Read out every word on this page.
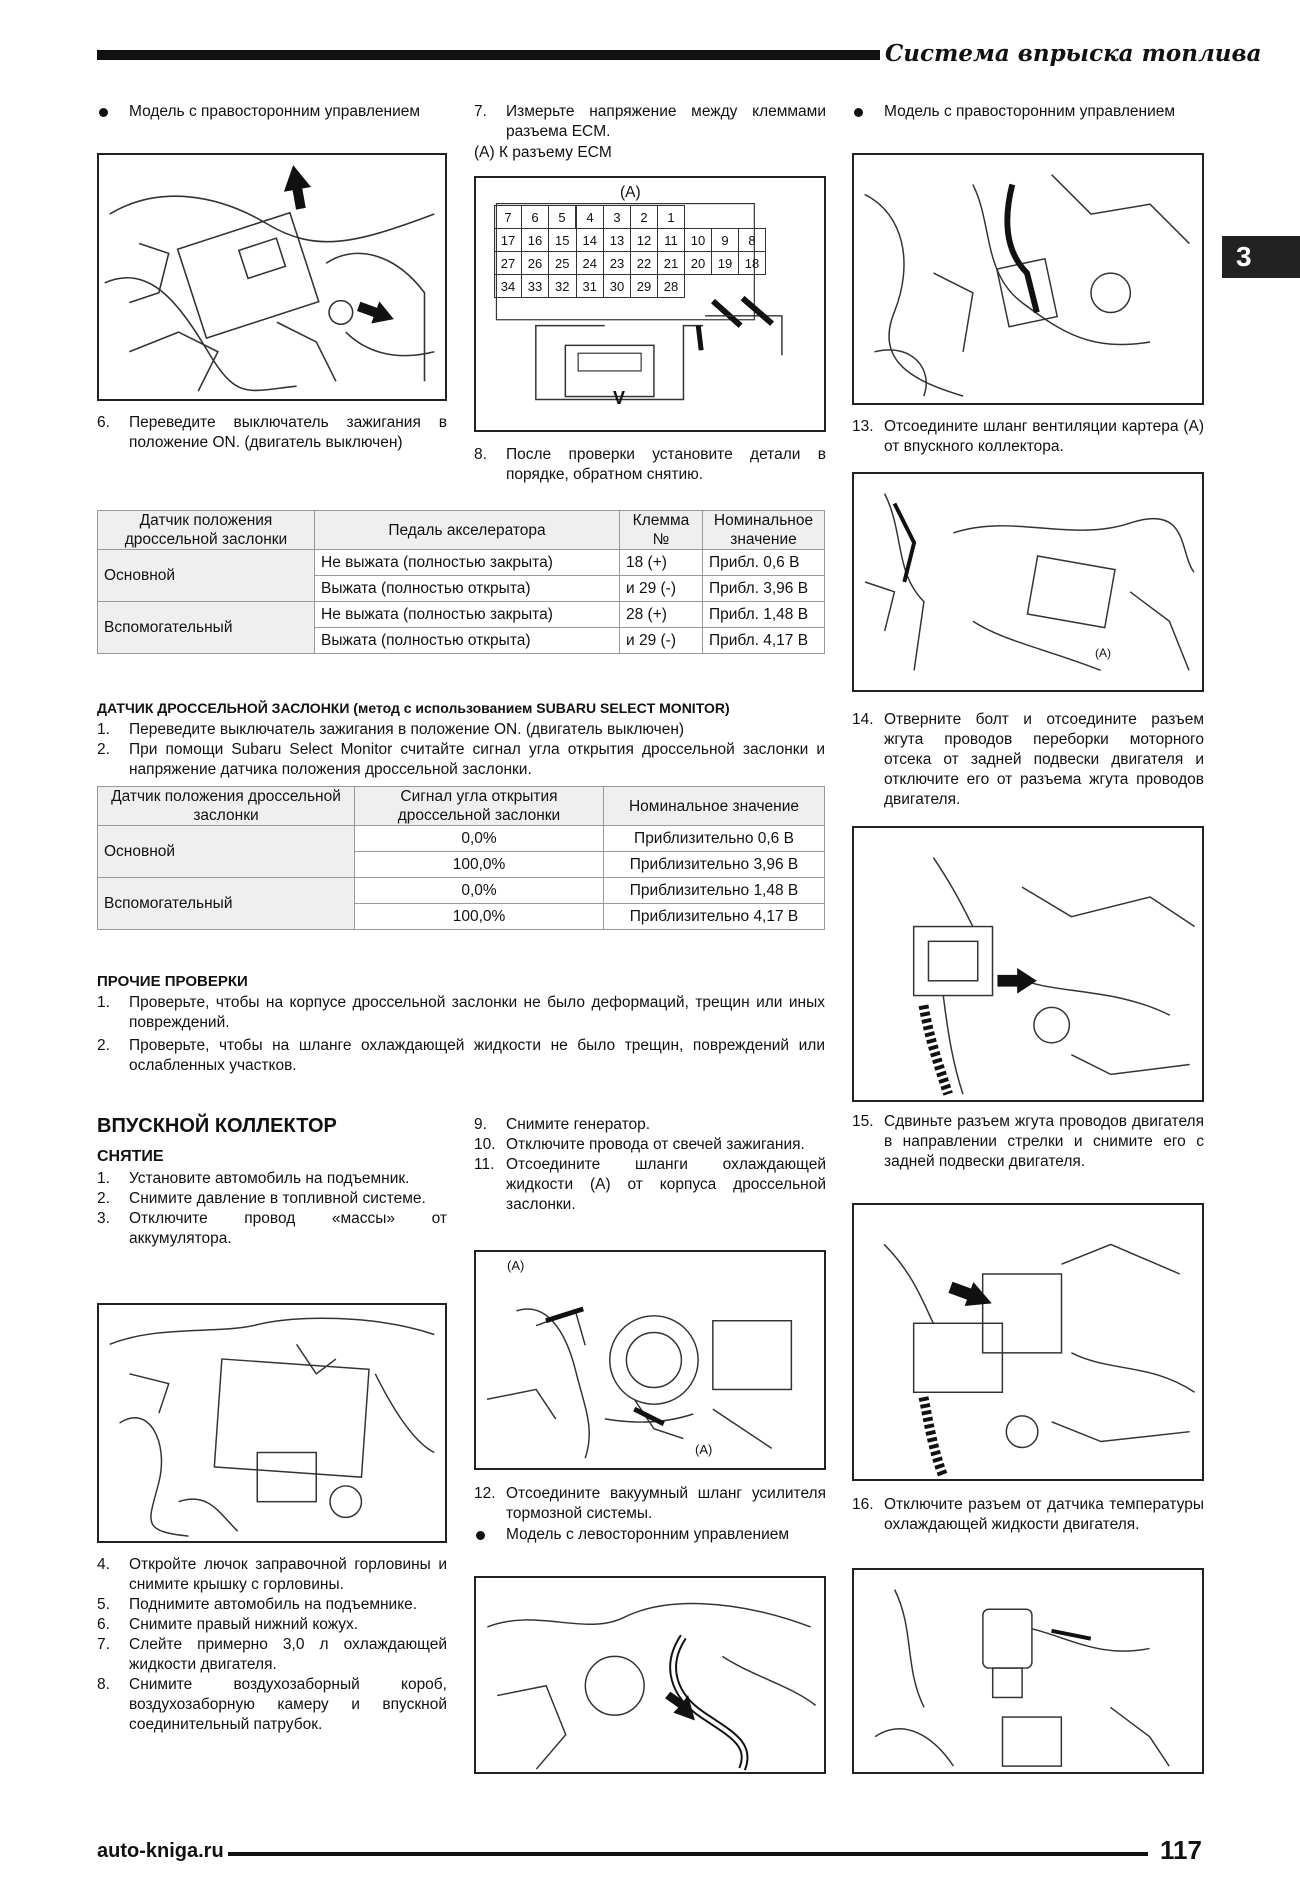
Система впрыска топлива
3
Модель с правосторонним управлением
6. Переведите выключатель зажигания в положение ON. (двигатель выключен)
7. Измерьте напряжение между клеммами разъема ECM.
(A) К разъему ECM
(A)
7	6	5	4	3	2	1			
17	16	15	14	13	12	11	10	9	8
27	26	25	24	23	22	21	20	19	18
34	33	32	31	30	29	28			
V
8. После проверки установите детали в порядке, обратном снятию.
Датчик положения дроссельной заслонки	Педаль акселератора	Клемма №	Номинальное значение
Основной	Не выжата (полностью закрыта)	18 (+)	Прибл. 0,6 В
	Выжата (полностью открыта)	и 29 (-)	Прибл. 3,96 В
Вспомогательный	Не выжата (полностью закрыта)	28 (+)	Прибл. 1,48 В
	Выжата (полностью открыта)	и 29 (-)	Прибл. 4,17 В
ДАТЧИК ДРОССЕЛЬНОЙ ЗАСЛОНКИ (метод с использованием SUBARU SELECT MONITOR)
1. Переведите выключатель зажигания в положение ON. (двигатель выключен)
2. При помощи Subaru Select Monitor считайте сигнал угла открытия дроссельной заслонки и напряжение датчика положения дроссельной заслонки.
Датчик положения дроссельной заслонки	Сигнал угла открытия дроссельной заслонки	Номинальное значение
Основной	0,0%	Приблизительно 0,6 В
	100,0%	Приблизительно 3,96 В
Вспомогательный	0,0%	Приблизительно 1,48 В
	100,0%	Приблизительно 4,17 В
ПРОЧИЕ ПРОВЕРКИ
1. Проверьте, чтобы на корпусе дроссельной заслонки не было деформаций, трещин или иных повреждений.
2. Проверьте, чтобы на шланге охлаждающей жидкости не было трещин, повреждений или ослабленных участков.
ВПУСКНОЙ КОЛЛЕКТОР
СНЯТИЕ
1. Установите автомобиль на подъемник.
2. Снимите давление в топливной системе.
3. Отключите провод «массы» от аккумулятора.
4. Откройте лючок заправочной горловины и снимите крышку с горловины.
5. Поднимите автомобиль на подъемнике.
6. Снимите правый нижний кожух.
7. Слейте примерно 3,0 л охлаждающей жидкости двигателя.
8. Снимите воздухозаборный короб, воздухозаборную камеру и впускной соединительный патрубок.
9. Снимите генератор.
10. Отключите провода от свечей зажигания.
11. Отсоедините шланги охлаждающей жидкости (A) от корпуса дроссельной заслонки.
(A)
(A)
12. Отсоедините вакуумный шланг усилителя тормозной системы.
Модель с левосторонним управлением
Модель с правосторонним управлением
13. Отсоедините шланг вентиляции картера (A) от впускного коллектора.
(A)
14. Отверните болт и отсоедините разъем жгута проводов переборки моторного отсека от задней подвески двигателя и отключите его от разъема жгута проводов двигателя.
15. Сдвиньте разъем жгута проводов двигателя в направлении стрелки и снимите его с задней подвески двигателя.
16. Отключите разъем от датчика температуры охлаждающей жидкости двигателя.
auto-kniga.ru	117
